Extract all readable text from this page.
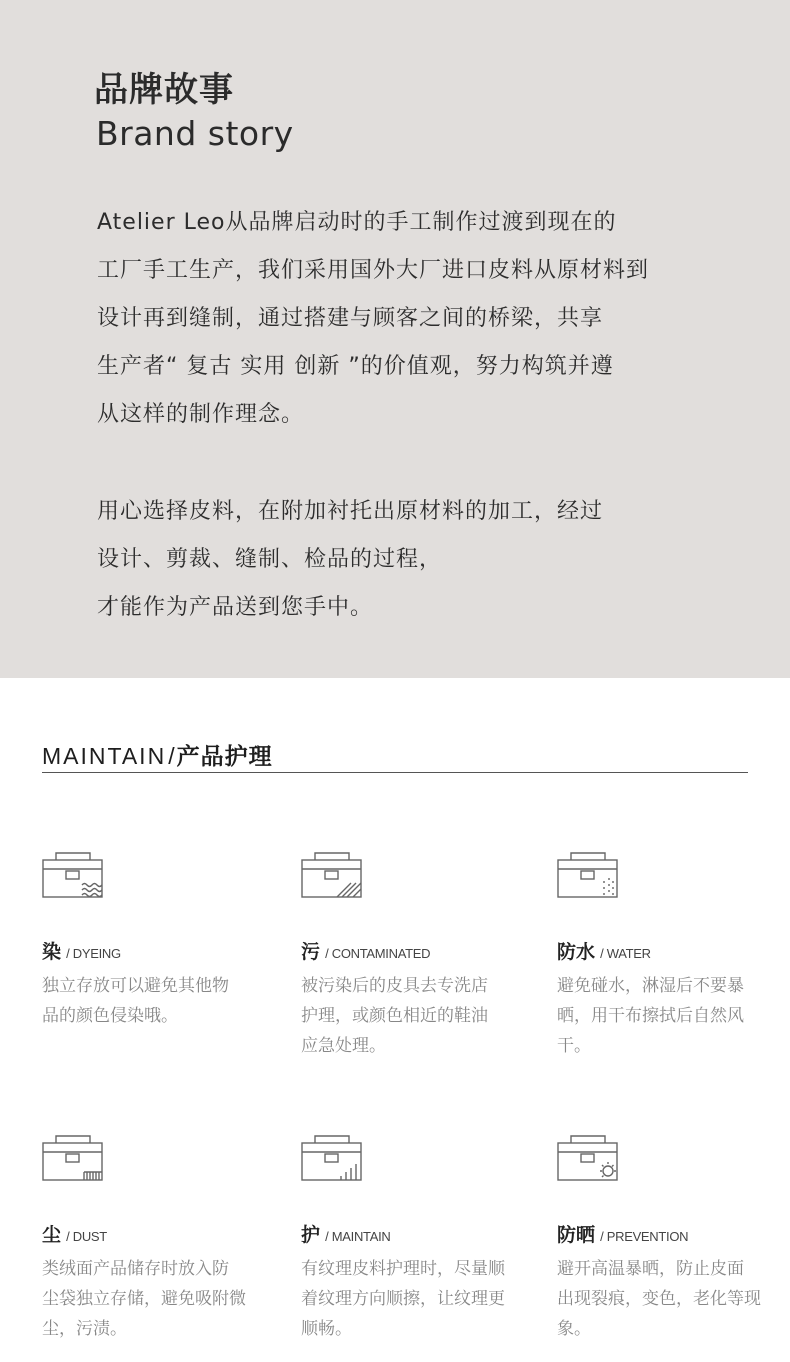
品牌故事
Brand story
Atelier Leo从品牌启动时的手工制作过渡到现在的
工厂手工生产，我们采用国外大厂进口皮料从原材料到
设计再到缝制，通过搭建与顾客之间的桥梁，共享
生产者“ 复古 实用 创新 ”的价值观，努力构筑并遵
从这样的制作理念。
用心选择皮料，在附加衬托出原材料的加工，经过
设计、剪裁、缝制、检品的过程，
才能作为产品送到您手中。
MAINTAIN/产品护理
染 / DYEING
独立存放可以避免其他物
品的颜色侵染哦。
污 / CONTAMINATED
被污染后的皮具去专洗店
护理，或颜色相近的鞋油
应急处理。
防水 / WATER
避免碰水，淋湿后不要暴
晒，用干布擦拭后自然风
干。
尘 / DUST
类绒面产品储存时放入防
尘袋独立存储，避免吸附微
尘，污渍。
护 / MAINTAIN
有纹理皮料护理时，尽量顺
着纹理方向顺擦，让纹理更
顺畅。
防晒 / PREVENTION
避开高温暴晒，防止皮面
出现裂痕，变色，老化等现
象。
